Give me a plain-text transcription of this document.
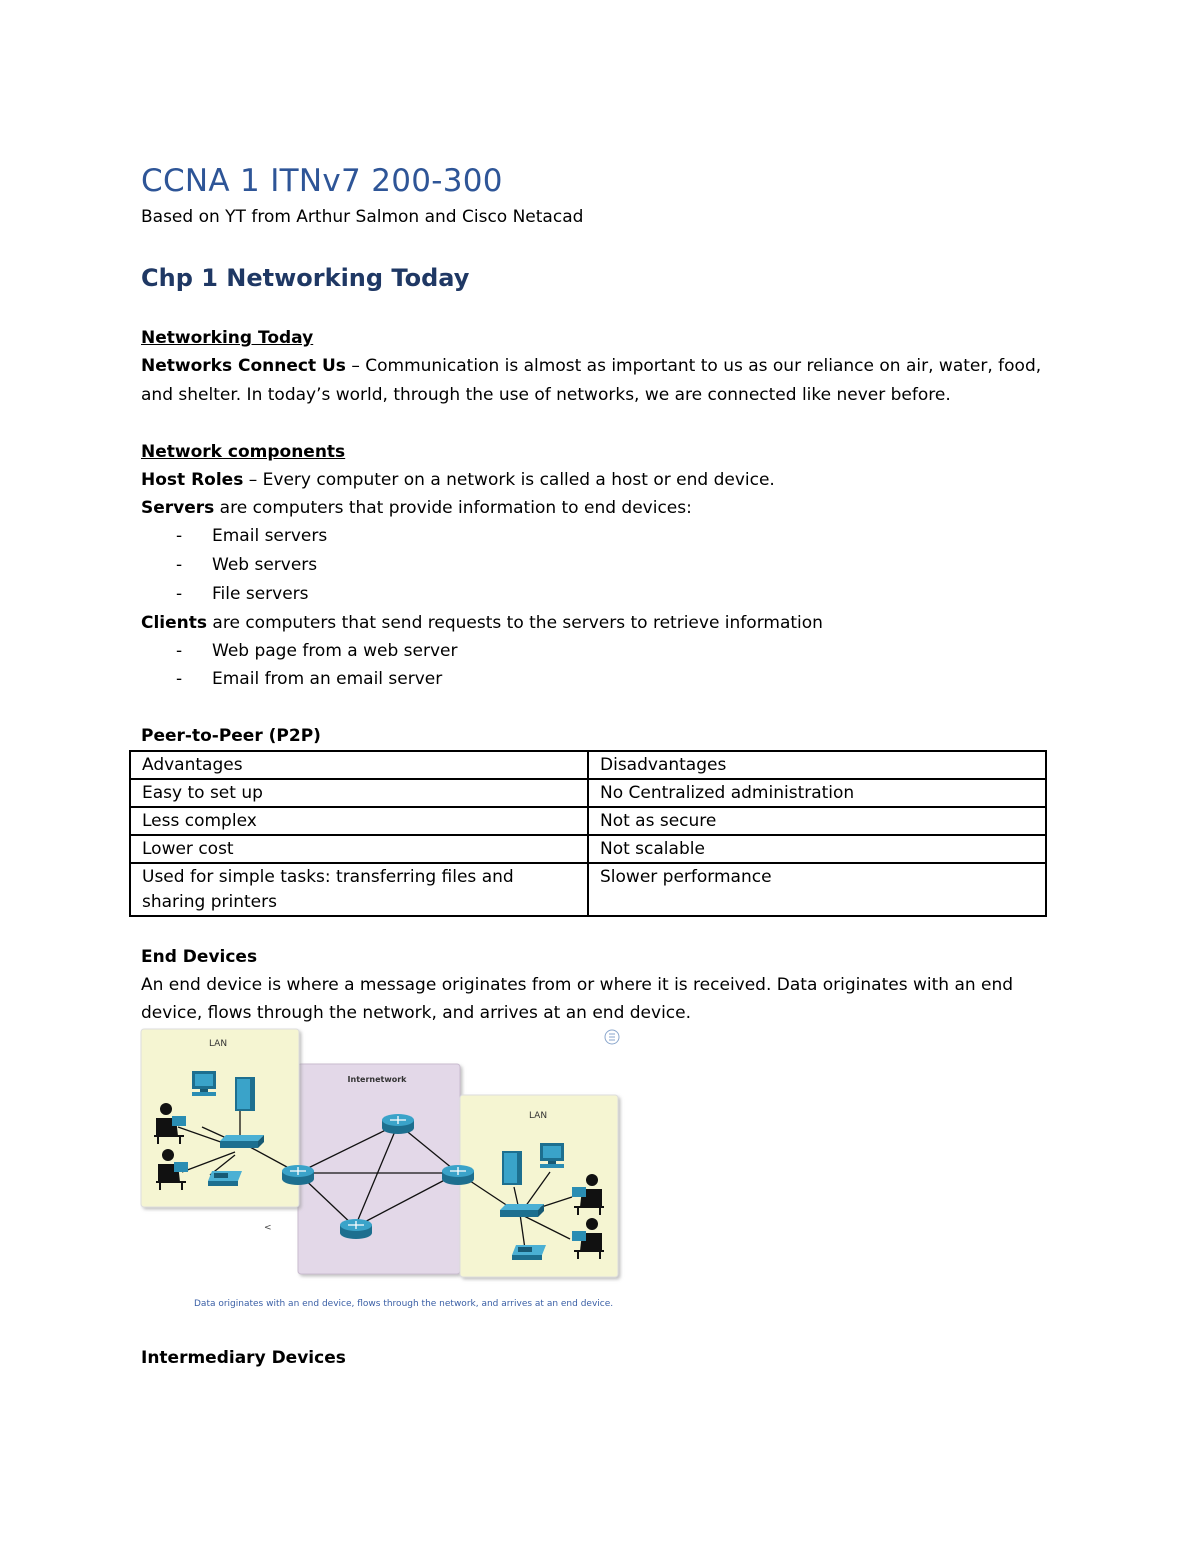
CCNA 1 ITNv7 200-300
Based on YT from Arthur Salmon and Cisco Netacad
Chp 1 Networking Today
Networking Today
Networks Connect Us – Communication is almost as important to us as our reliance on air, water, food,
and shelter. In today’s world, through the use of networks, we are connected like never before.
Network components
Host Roles – Every computer on a network is called a host or end device.
Servers are computers that provide information to end devices:
- Email servers
- Web servers
- File servers
Clients are computers that send requests to the servers to retrieve information
- Web page from a web server
- Email from an email server
Peer-to-Peer (P2P)
Advantages	Disadvantages
Easy to set up	No Centralized administration
Less complex	Not as secure
Lower cost	Not scalable
Used for simple tasks: transferring files and sharing printers	Slower performance
End Devices
An end device is where a message originates from or where it is received. Data originates with an end
device, flows through the network, and arrives at an end device.
LAN
Internetwork
LAN
<
Data originates with an end device, flows through the network, and arrives at an end device.
Intermediary Devices
